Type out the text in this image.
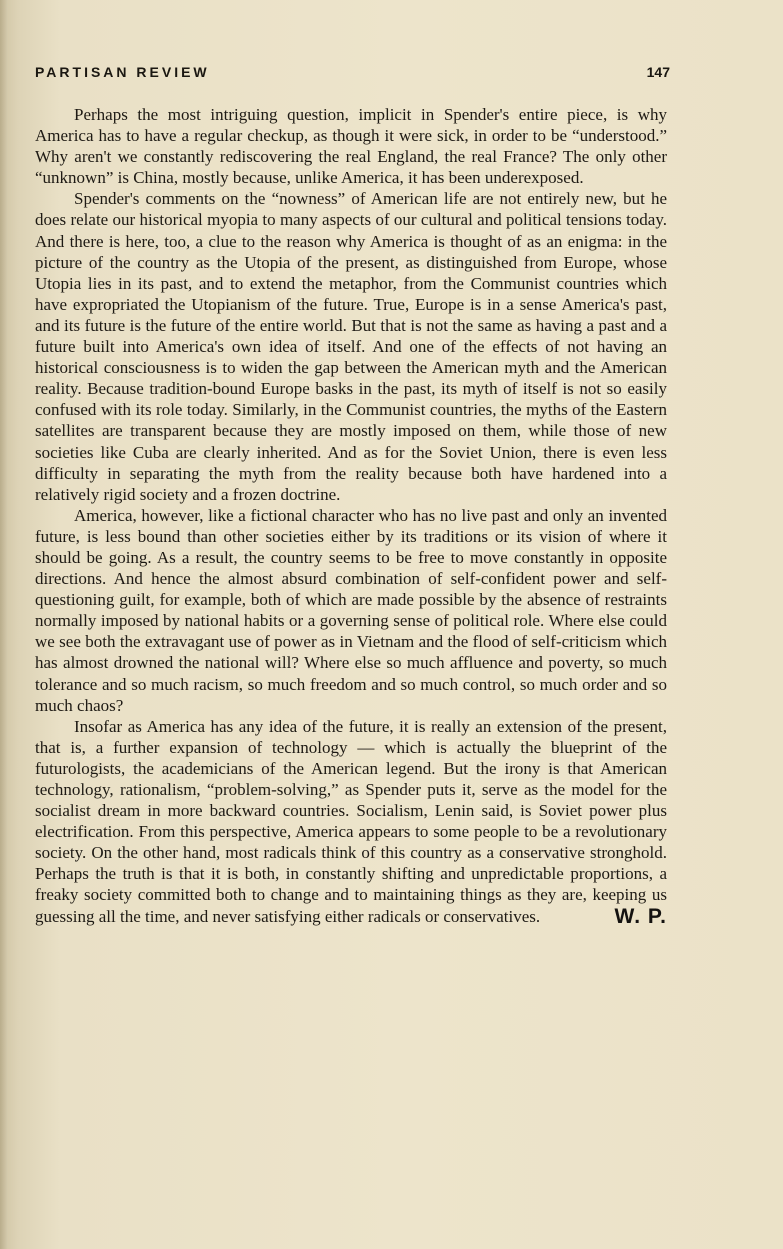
PARTISAN REVIEW	147

Perhaps the most intriguing question, implicit in Spender's entire piece, is why America has to have a regular checkup, as though it were sick, in order to be “understood.” Why aren't we constantly rediscovering the real England, the real France? The only other “unknown” is China, mostly because, unlike America, it has been underexposed.

Spender's comments on the “nowness” of American life are not entirely new, but he does relate our historical myopia to many aspects of our cultural and political tensions today. And there is here, too, a clue to the reason why America is thought of as an enigma: in the picture of the country as the Utopia of the present, as distinguished from Europe, whose Utopia lies in its past, and to extend the metaphor, from the Communist countries which have expropriated the Utopianism of the future. True, Europe is in a sense America's past, and its future is the future of the entire world. But that is not the same as having a past and a future built into America's own idea of itself. And one of the effects of not having an historical consciousness is to widen the gap between the American myth and the American reality. Because tradition-bound Europe basks in the past, its myth of itself is not so easily confused with its role today. Similarly, in the Communist countries, the myths of the Eastern satellites are transparent because they are mostly imposed on them, while those of new societies like Cuba are clearly inherited. And as for the Soviet Union, there is even less difficulty in separating the myth from the reality because both have hardened into a relatively rigid society and a frozen doctrine.

America, however, like a fictional character who has no live past and only an invented future, is less bound than other societies either by its traditions or its vision of where it should be going. As a result, the country seems to be free to move constantly in opposite directions. And hence the almost absurd combination of self-confident power and self-questioning guilt, for example, both of which are made possible by the absence of restraints normally imposed by national habits or a governing sense of political role. Where else could we see both the extravagant use of power as in Vietnam and the flood of self-criticism which has almost drowned the national will? Where else so much affluence and poverty, so much tolerance and so much racism, so much freedom and so much control, so much order and so much chaos?

Insofar as America has any idea of the future, it is really an extension of the present, that is, a further expansion of technology — which is actually the blueprint of the futurologists, the academicians of the American legend. But the irony is that American technology, rationalism, “problem-solving,” as Spender puts it, serve as the model for the socialist dream in more backward countries. Socialism, Lenin said, is Soviet power plus electrification. From this perspective, America appears to some people to be a revolutionary society. On the other hand, most radicals think of this country as a conservative stronghold. Perhaps the truth is that it is both, in constantly shifting and unpredictable proportions, a freaky society committed both to change and to maintaining things as they are, keeping us guessing all the time, and never satisfying either radicals or conservatives.	W. P.
